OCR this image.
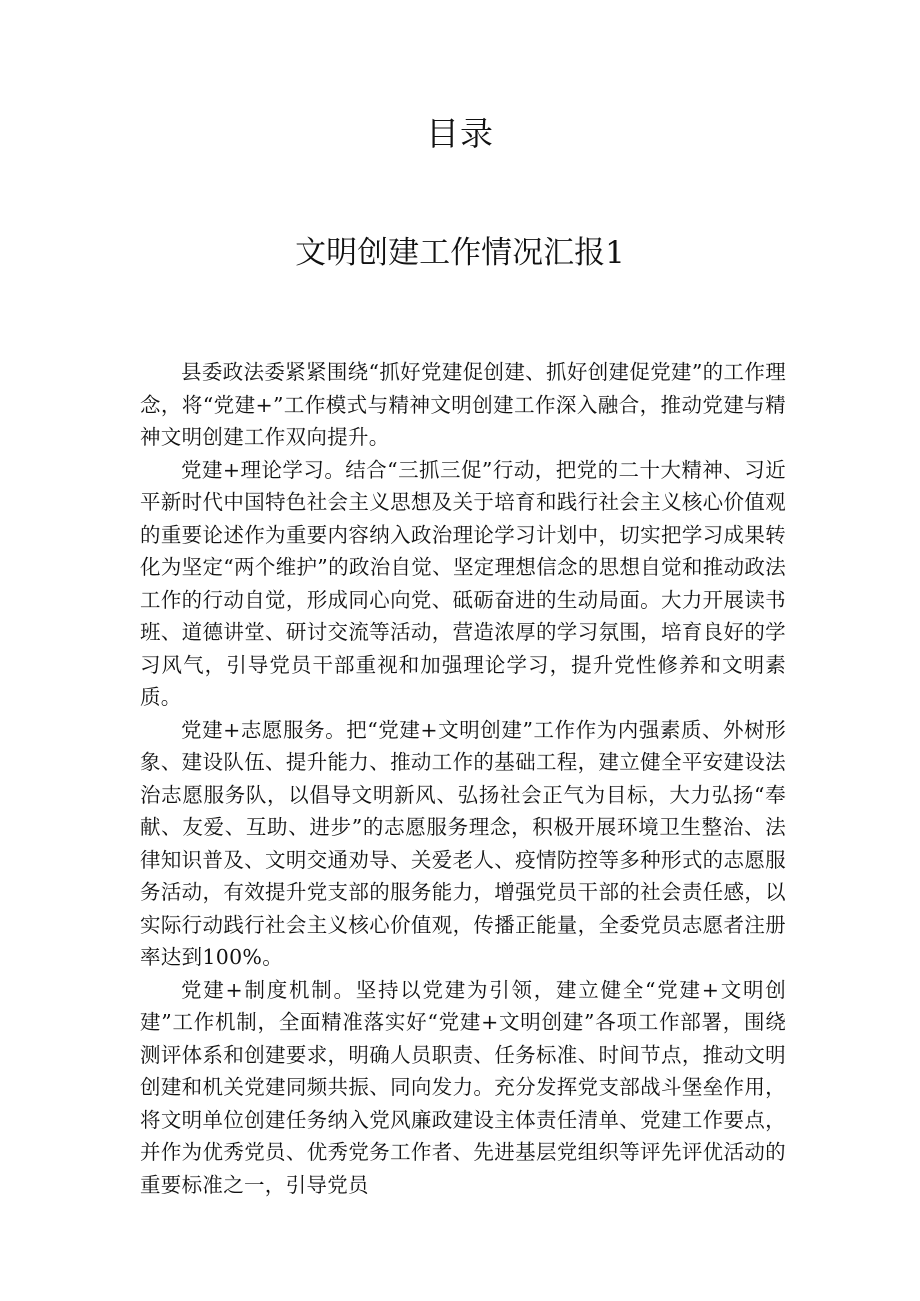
目录
文明创建工作情况汇报1

县委政法委紧紧围绕“抓好党建促创建、抓好创建促党建”的工作理念，将“党建+”工作模式与精神文明创建工作深入融合，推动党建与精神文明创建工作双向提升。

党建+理论学习。结合“三抓三促”行动，把党的二十大精神、习近平新时代中国特色社会主义思想及关于培育和践行社会主义核心价值观的重要论述作为重要内容纳入政治理论学习计划中，切实把学习成果转化为坚定“两个维护”的政治自觉、坚定理想信念的思想自觉和推动政法工作的行动自觉，形成同心向党、砥砺奋进的生动局面。大力开展读书班、道德讲堂、研讨交流等活动，营造浓厚的学习氛围，培育良好的学习风气，引导党员干部重视和加强理论学习，提升党性修养和文明素质。

党建+志愿服务。把“党建+文明创建”工作作为内强素质、外树形象、建设队伍、提升能力、推动工作的基础工程，建立健全平安建设法治志愿服务队，以倡导文明新风、弘扬社会正气为目标，大力弘扬“奉献、友爱、互助、进步”的志愿服务理念，积极开展环境卫生整治、法律知识普及、文明交通劝导、关爱老人、疫情防控等多种形式的志愿服务活动，有效提升党支部的服务能力，增强党员干部的社会责任感，以实际行动践行社会主义核心价值观，传播正能量，全委党员志愿者注册率达到100%。

党建+制度机制。坚持以党建为引领，建立健全“党建+文明创建”工作机制，全面精准落实好“党建+文明创建”各项工作部署，围绕测评体系和创建要求，明确人员职责、任务标准、时间节点，推动文明创建和机关党建同频共振、同向发力。充分发挥党支部战斗堡垒作用，将文明单位创建任务纳入党风廉政建设主体责任清单、党建工作要点，并作为优秀党员、优秀党务工作者、先进基层党组织等评先评优活动的重要标准之一，引导党员
